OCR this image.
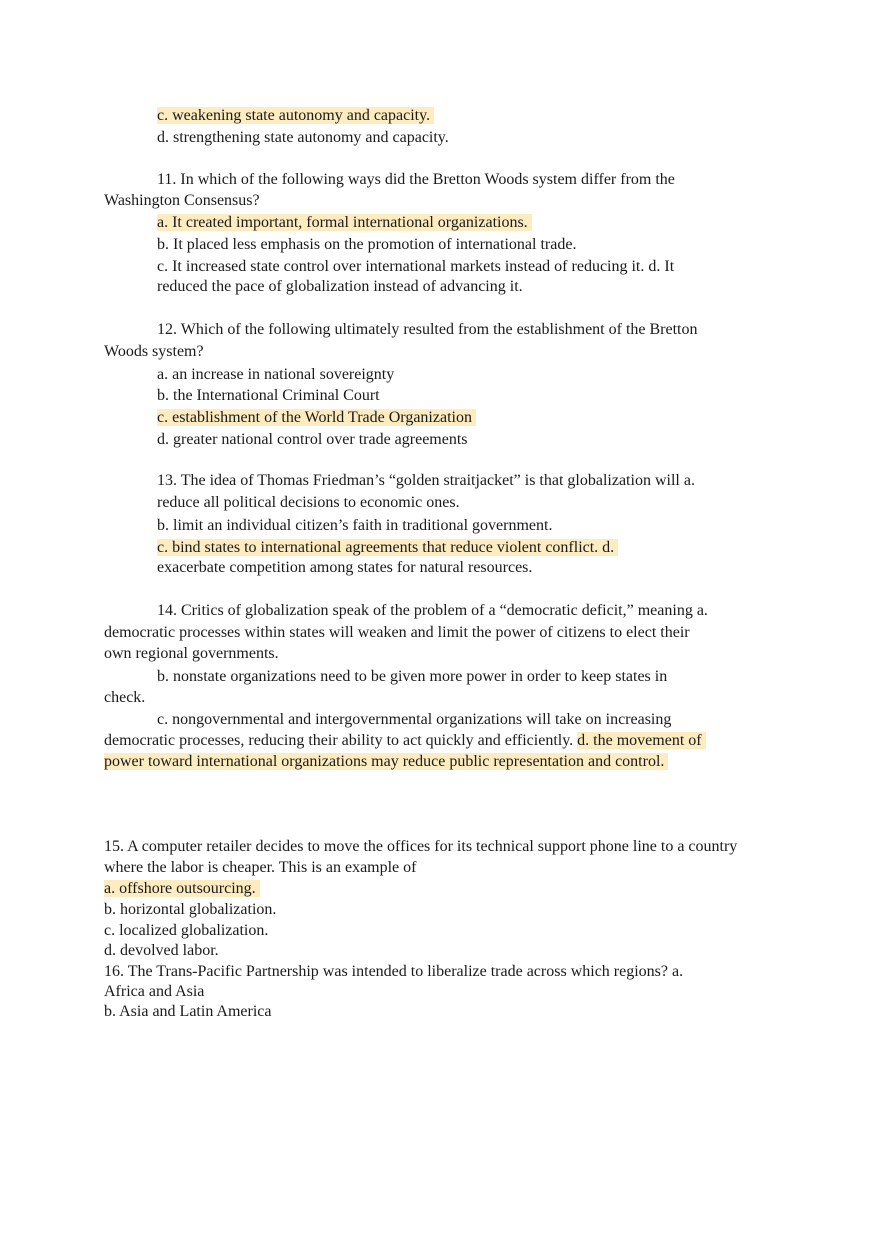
c. weakening state autonomy and capacity.
d. strengthening state autonomy and capacity.
11. In which of the following ways did the Bretton Woods system differ from the
Washington Consensus?
a. It created important, formal international organizations.
b. It placed less emphasis on the promotion of international trade.
c. It increased state control over international markets instead of reducing it. d. It
reduced the pace of globalization instead of advancing it.
12. Which of the following ultimately resulted from the establishment of the Bretton
Woods system?
a. an increase in national sovereignty
b. the International Criminal Court
c. establishment of the World Trade Organization
d. greater national control over trade agreements
13. The idea of Thomas Friedman’s “golden straitjacket” is that globalization will a.
reduce all political decisions to economic ones.
b. limit an individual citizen’s faith in traditional government.
c. bind states to international agreements that reduce violent conflict. d.
exacerbate competition among states for natural resources.
14. Critics of globalization speak of the problem of a “democratic deficit,” meaning a.
democratic processes within states will weaken and limit the power of citizens to elect their
own regional governments.
b. nonstate organizations need to be given more power in order to keep states in
check.
c. nongovernmental and intergovernmental organizations will take on increasing
democratic processes, reducing their ability to act quickly and efficiently. d. the movement of
power toward international organizations may reduce public representation and control.
15. A computer retailer decides to move the offices for its technical support phone line to a country
where the labor is cheaper. This is an example of
a. offshore outsourcing.
b. horizontal globalization.
c. localized globalization.
d. devolved labor.
16. The Trans-Pacific Partnership was intended to liberalize trade across which regions? a.
Africa and Asia
b. Asia and Latin America
